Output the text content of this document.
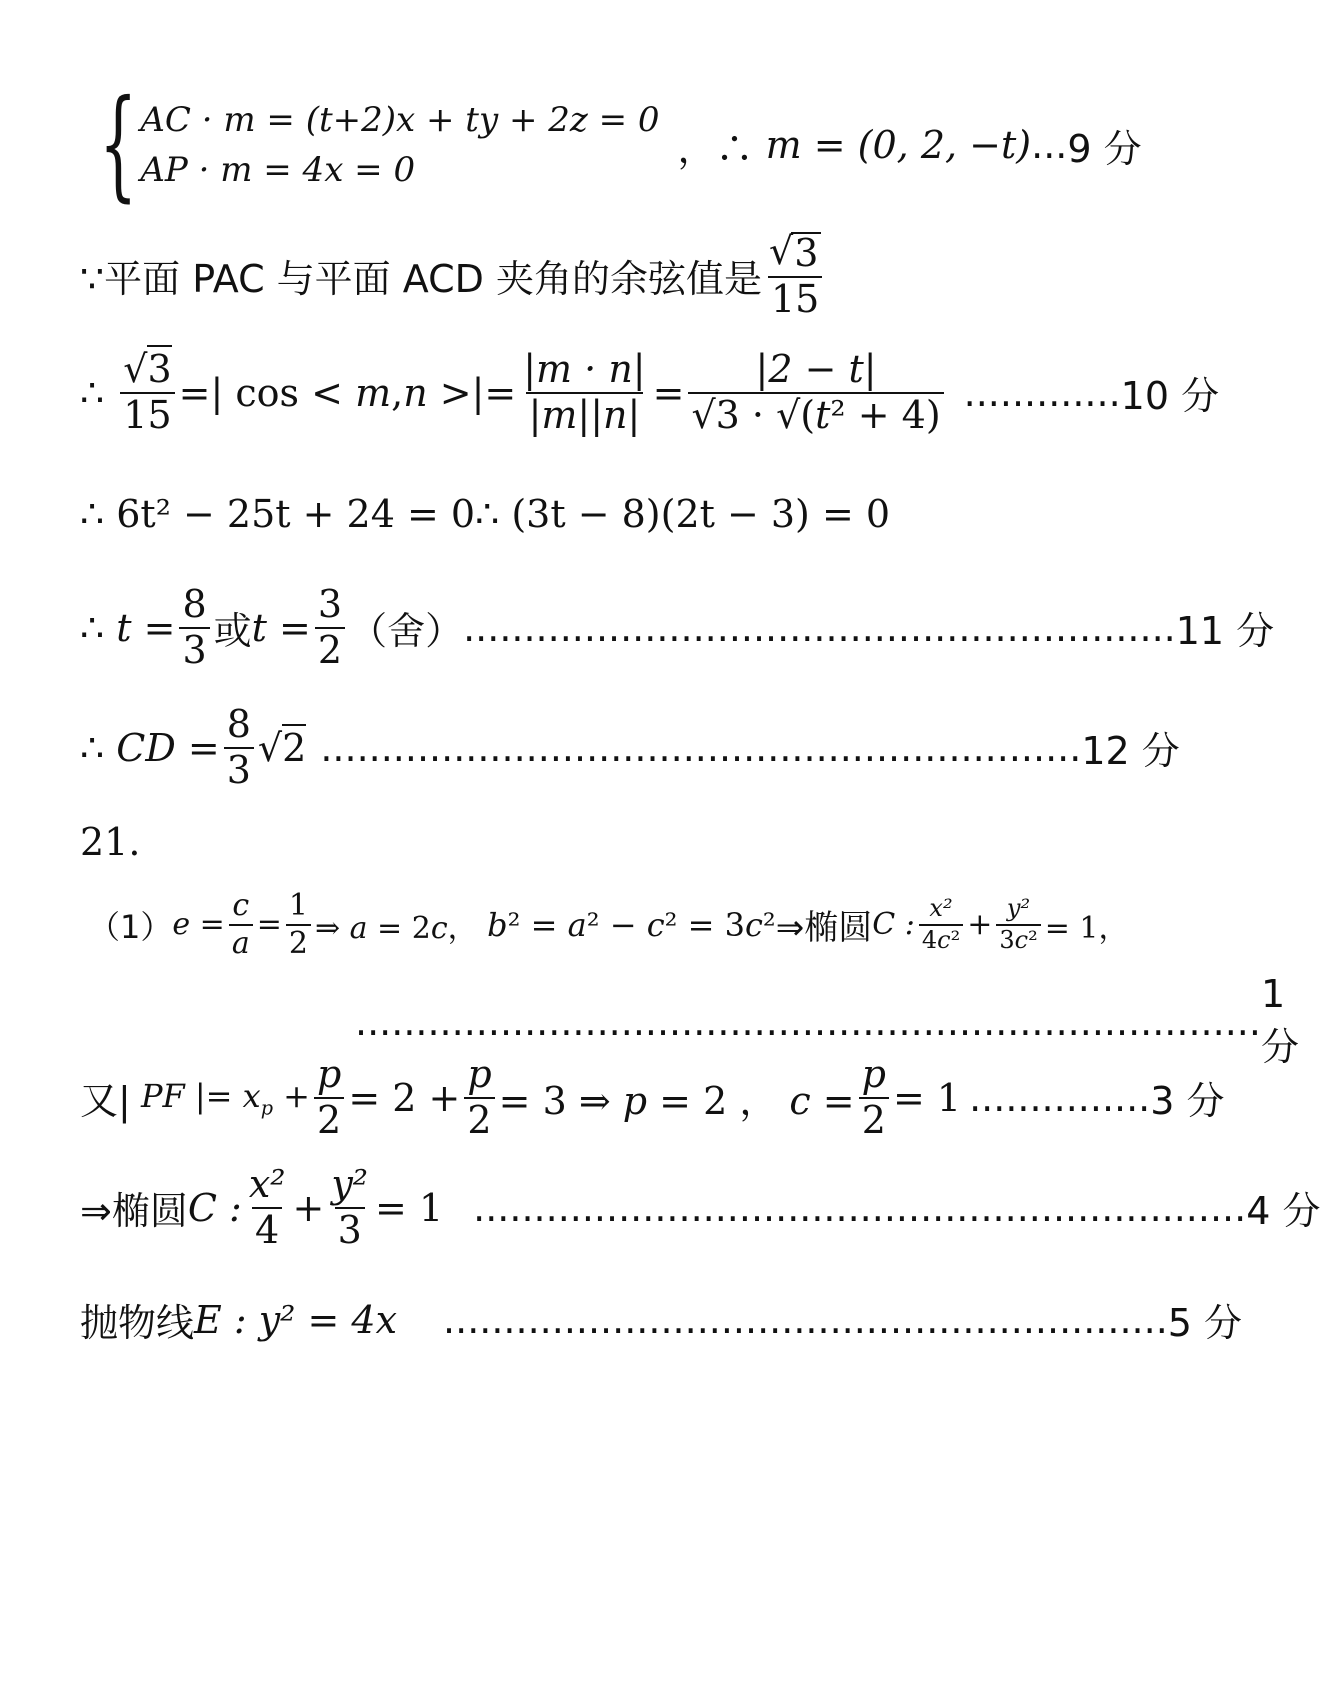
{ AC · m = (t+2)x + ty + 2z = 0
AP · m = 4x = 0	，∴ m = (0, 2, −t) ... 9 分
∵平面 PAC 与平面 ACD 夹角的余弦值是 $\frac{√ 3}{15}$
∴ $\frac{√3}{15}$ =| cos < m,n >|= $\frac{|m \cdot n|}{|m||n|} = \frac{|2 - t|}{\text{√3 · √(t² + 4)}}$ ............. 10 分
∴ 6t² − 25t + 24 = 0∴ (3t − 8)(2t − 3) = 0
∴ $t = \frac{8}{3}$ 或 $t = \frac{3}{2}$ （舍） ........................................................... 11 分
∴ CD = $\frac{8}{3} √2$ ............................................................... 12 分
21.
（1） $e = \frac{c}{a} = \frac{1}{2}$ ⇒ a = 2c， b² = a² − c² = 3c² ⇒椭圆 C : $\frac{\text{x²}}{\text{4c²}} + \frac{\text{y²}}{\text{3c²}} = 1$，
...........................................................................
1 分
又| PF |= $x_p + \frac{p}{2} = 2 + \frac{p}{2} = 3$ ⇒ p = 2 ， $c = \frac{p}{2} = 1$ ............... 3 分
⇒椭圆 C : $\frac{\text{x²}}{4} + \frac{\text{y²}}{3} = 1$ ................................................................ 4 分
抛物线 E : y² = 4x ............................................................ 5 分
